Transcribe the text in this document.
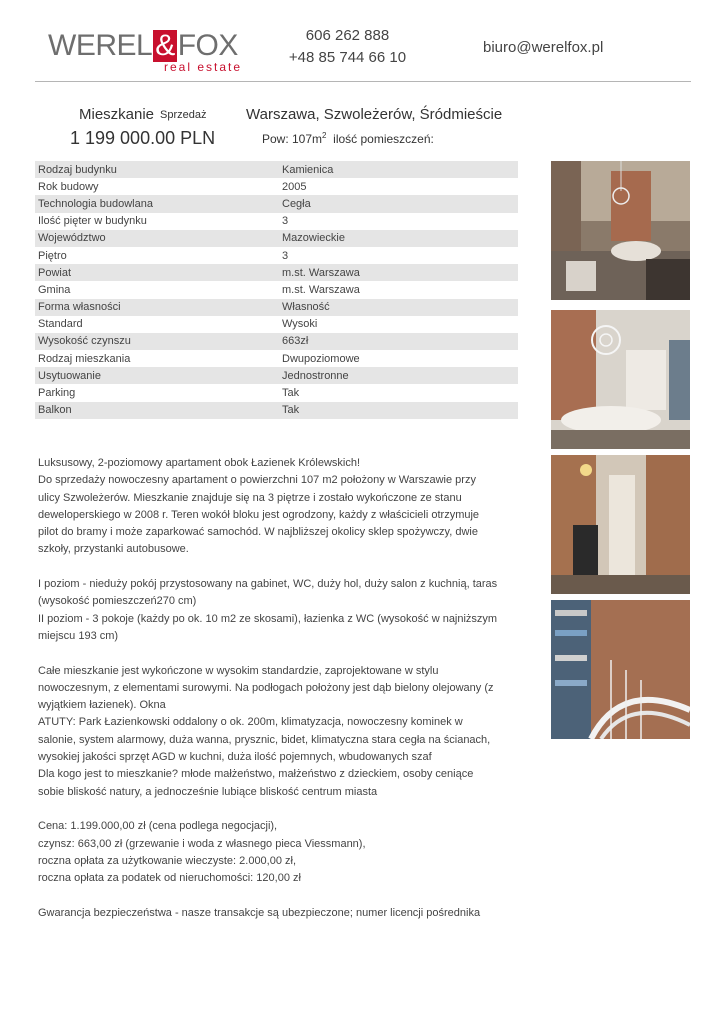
WEREL & FOX
real estate
606 262 888
+48 85 744 66 10
biuro@werelfox.pl
Mieszkanie Sprzedaż
1 199 000.00 PLN
Warszawa, Szwoleżerów, Śródmieście
Pow: $107m^2$ ilość pomieszczeń:
Rodzaj budynku	Kamienica
Rok budowy	2005
Technologia budowlana	Cegła
Ilość pięter w budynku	3
Województwo	Mazowieckie
Piętro	3
Powiat	m.st. Warszawa
Gmina	m.st. Warszawa
Forma własności	Własność
Standard	Wysoki
Wysokość czynszu	663zł
Rodzaj mieszkania	Dwupoziomowe
Usytuowanie	Jednostronne
Parking	Tak
Balkon	Tak

Luksusowy, 2-poziomowy apartament obok Łazienek Królewskich!
Do sprzedaży nowoczesny apartament o powierzchni 107 m2 położony w Warszawie przy ulicy Szwoleżerów. Mieszkanie znajduje się na 3 piętrze i zostało wykończone ze stanu deweloperskiego w 2008 r. Teren wokół bloku jest ogrodzony, każdy z właścicieli otrzymuje pilot do bramy i może zaparkować samochód. W najbliższej okolicy sklep spożywczy, dwie szkoły, przystanki autobusowe.

I poziom - nieduży pokój przystosowany na gabinet, WC, duży hol, duży salon z kuchnią, taras (wysokość pomieszczeń270 cm)
II poziom - 3 pokoje (każdy po ok. 10 m2 ze skosami), łazienka z WC (wysokość w najniższym miejscu 193 cm)

Całe mieszkanie jest wykończone w wysokim standardzie, zaprojektowane w stylu nowoczesnym, z elementami surowymi. Na podłogach położony jest dąb bielony olejowany (z wyjątkiem łazienek). Okna
ATUTY: Park Łazienkowski oddalony o ok. 200m, klimatyzacja, nowoczesny kominek w salonie, system alarmowy, duża wanna, prysznic, bidet, klimatyczna stara cegła na ścianach, wysokiej jakości sprzęt AGD w kuchni, duża ilość pojemnych, wbudowanych szaf
Dla kogo jest to mieszkanie? młode małżeństwo, małżeństwo z dzieckiem, osoby ceniące sobie bliskość natury, a jednocześnie lubiące bliskość centrum miasta

Cena: 1.199.000,00 zł (cena podlega negocjacji),
czynsz: 663,00 zł (grzewanie i woda z własnego pieca Viessmann),
roczna opłata za użytkowanie wieczyste: 2.000,00 zł,
roczna opłata za podatek od nieruchomości: 120,00 zł

Gwarancja bezpieczeństwa - nasze transakcje są ubezpieczone; numer licencji pośrednika
